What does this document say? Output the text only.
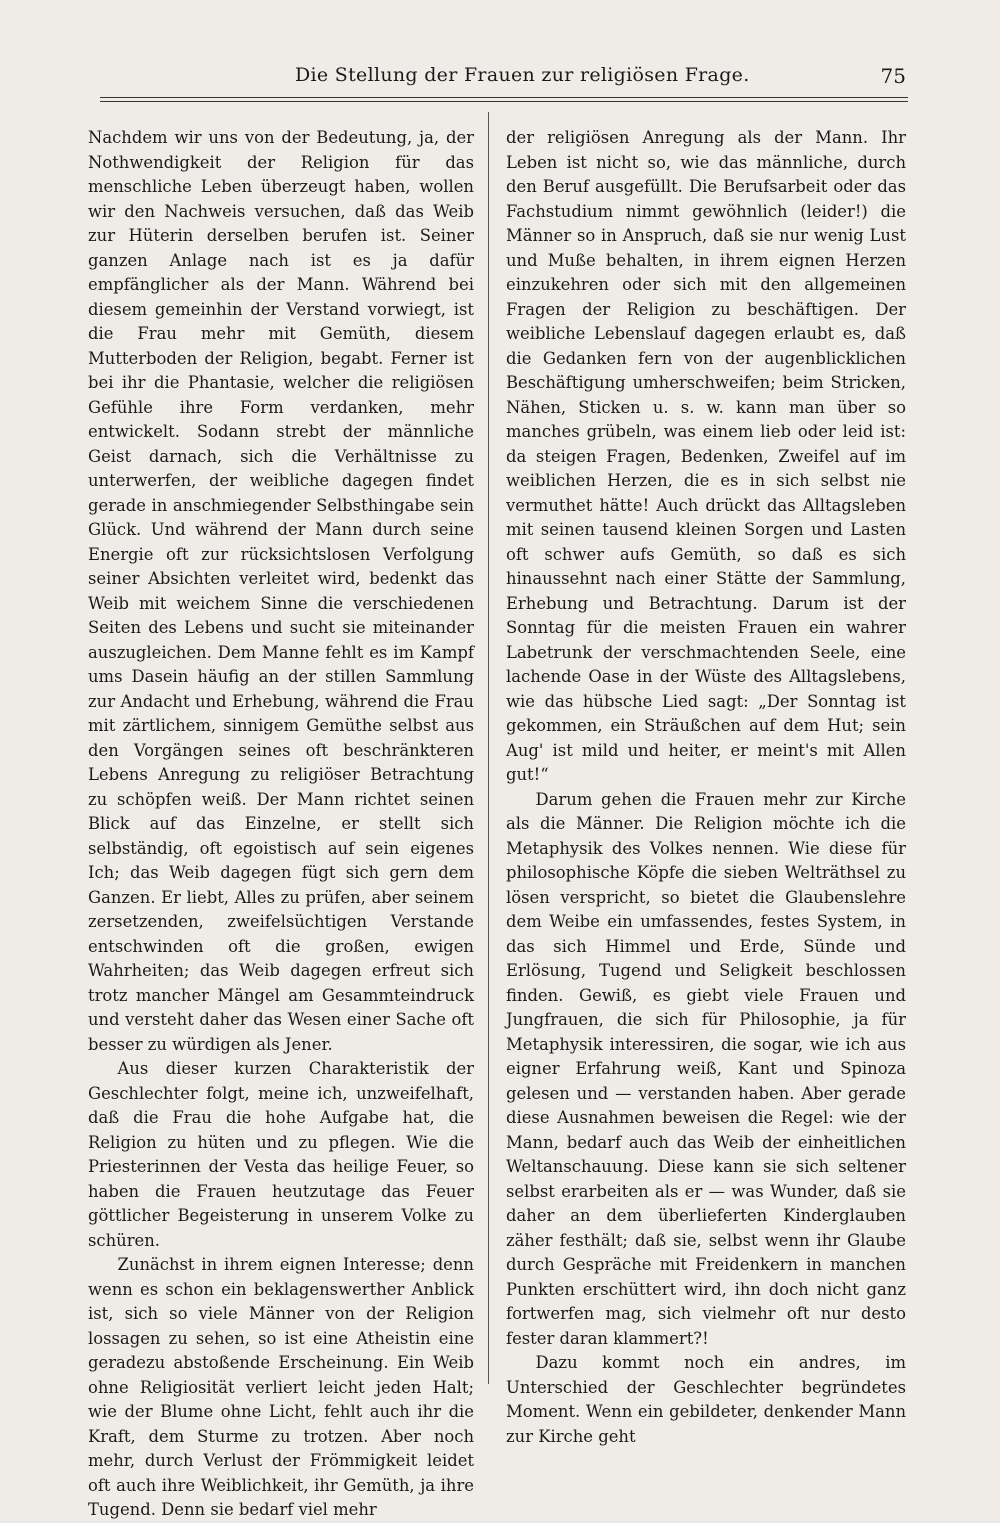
Die Stellung der Frauen zur religiösen Frage.	75

Nachdem wir uns von der Bedeutung, ja, der Nothwendigkeit der Religion für das menschliche Leben überzeugt haben, wollen wir den Nachweis versuchen, daß das Weib zur Hüterin derselben berufen ist. Seiner ganzen Anlage nach ist es ja dafür empfänglicher als der Mann. Während bei diesem gemeinhin der Verstand vorwiegt, ist die Frau mehr mit Gemüth, diesem Mutterboden der Religion, begabt. Ferner ist bei ihr die Phantasie, welcher die religiösen Gefühle ihre Form verdanken, mehr entwickelt. Sodann strebt der männliche Geist darnach, sich die Verhältnisse zu unterwerfen, der weibliche dagegen findet gerade in anschmiegender Selbsthingabe sein Glück. Und während der Mann durch seine Energie oft zur rücksichtslosen Verfolgung seiner Absichten verleitet wird, bedenkt das Weib mit weichem Sinne die verschiedenen Seiten des Lebens und sucht sie miteinander auszugleichen. Dem Manne fehlt es im Kampf ums Dasein häufig an der stillen Sammlung zur Andacht und Erhebung, während die Frau mit zärtlichem, sinnigem Gemüthe selbst aus den Vorgängen seines oft beschränkteren Lebens Anregung zu religiöser Betrachtung zu schöpfen weiß. Der Mann richtet seinen Blick auf das Einzelne, er stellt sich selbständig, oft egoistisch auf sein eigenes Ich; das Weib dagegen fügt sich gern dem Ganzen. Er liebt, Alles zu prüfen, aber seinem zersetzenden, zweifelsüchtigen Verstande entschwinden oft die großen, ewigen Wahrheiten; das Weib dagegen erfreut sich trotz mancher Mängel am Gesammteindruck und versteht daher das Wesen einer Sache oft besser zu würdigen als Jener.

Aus dieser kurzen Charakteristik der Geschlechter folgt, meine ich, unzweifelhaft, daß die Frau die hohe Aufgabe hat, die Religion zu hüten und zu pflegen. Wie die Priesterinnen der Vesta das heilige Feuer, so haben die Frauen heutzutage das Feuer göttlicher Begeisterung in unserem Volke zu schüren.

Zunächst in ihrem eignen Interesse; denn wenn es schon ein beklagenswerther Anblick ist, sich so viele Männer von der Religion lossagen zu sehen, so ist eine Atheistin eine geradezu abstoßende Erscheinung. Ein Weib ohne Religiosität verliert leicht jeden Halt; wie der Blume ohne Licht, fehlt auch ihr die Kraft, dem Sturme zu trotzen. Aber noch mehr, durch Verlust der Frömmigkeit leidet oft auch ihre Weiblichkeit, ihr Gemüth, ja ihre Tugend. Denn sie bedarf viel mehr

der religiösen Anregung als der Mann. Ihr Leben ist nicht so, wie das männliche, durch den Beruf ausgefüllt. Die Berufsarbeit oder das Fachstudium nimmt gewöhnlich (leider!) die Männer so in Anspruch, daß sie nur wenig Lust und Muße behalten, in ihrem eignen Herzen einzukehren oder sich mit den allgemeinen Fragen der Religion zu beschäftigen. Der weibliche Lebenslauf dagegen erlaubt es, daß die Gedanken fern von der augenblicklichen Beschäftigung umherschweifen; beim Stricken, Nähen, Sticken u. s. w. kann man über so manches grübeln, was einem lieb oder leid ist: da steigen Fragen, Bedenken, Zweifel auf im weiblichen Herzen, die es in sich selbst nie vermuthet hätte! Auch drückt das Alltagsleben mit seinen tausend kleinen Sorgen und Lasten oft schwer aufs Gemüth, so daß es sich hinaussehnt nach einer Stätte der Sammlung, Erhebung und Betrachtung. Darum ist der Sonntag für die meisten Frauen ein wahrer Labetrunk der verschmachtenden Seele, eine lachende Oase in der Wüste des Alltagslebens, wie das hübsche Lied sagt: „Der Sonntag ist gekommen, ein Sträußchen auf dem Hut; sein Aug' ist mild und heiter, er meint's mit Allen gut!“

Darum gehen die Frauen mehr zur Kirche als die Männer. Die Religion möchte ich die Metaphysik des Volkes nennen. Wie diese für philosophische Köpfe die sieben Welträthsel zu lösen verspricht, so bietet die Glaubenslehre dem Weibe ein umfassendes, festes System, in das sich Himmel und Erde, Sünde und Erlösung, Tugend und Seligkeit beschlossen finden. Gewiß, es giebt viele Frauen und Jungfrauen, die sich für Philosophie, ja für Metaphysik interessiren, die sogar, wie ich aus eigner Erfahrung weiß, Kant und Spinoza gelesen und — verstanden haben. Aber gerade diese Ausnahmen beweisen die Regel: wie der Mann, bedarf auch das Weib der einheitlichen Weltanschauung. Diese kann sie sich seltener selbst erarbeiten als er — was Wunder, daß sie daher an dem überlieferten Kinderglauben zäher festhält; daß sie, selbst wenn ihr Glaube durch Gespräche mit Freidenkern in manchen Punkten erschüttert wird, ihn doch nicht ganz fortwerfen mag, sich vielmehr oft nur desto fester daran klammert?!

Dazu kommt noch ein andres, im Unterschied der Geschlechter begründetes Moment. Wenn ein gebildeter, denkender Mann zur Kirche geht
